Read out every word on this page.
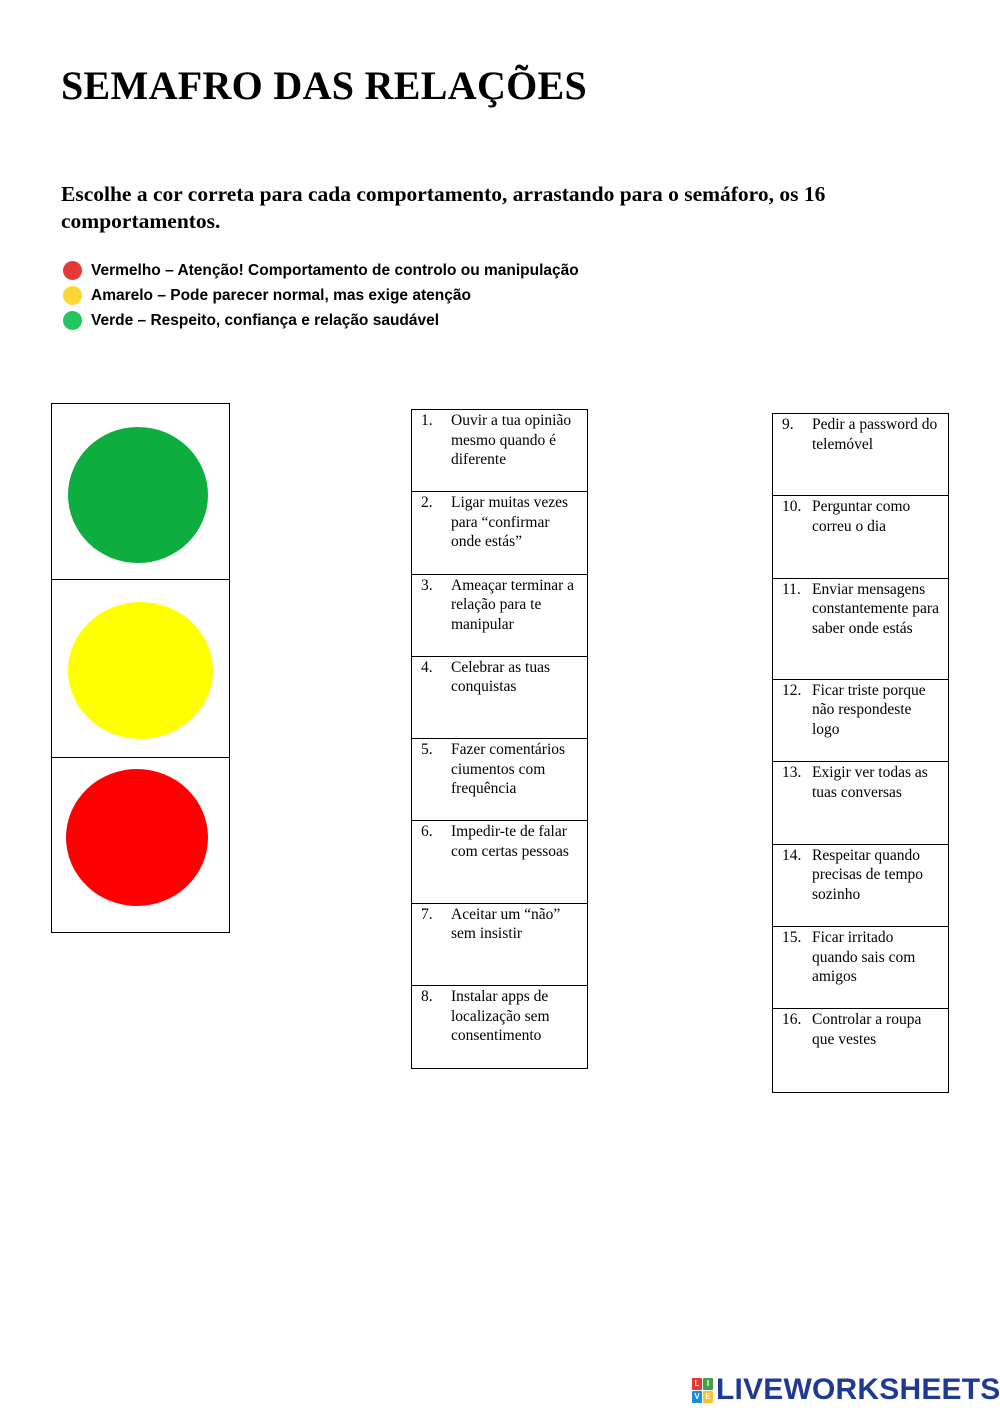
SEMAFRO DAS RELAÇÕES
Escolhe a cor correta para cada comportamento, arrastando para o semáforo, os 16 comportamentos.
Vermelho – Atenção! Comportamento de controlo ou manipulação
Amarelo – Pode parecer normal, mas exige atenção
Verde – Respeito, confiança e relação saudável
1.	Ouvir a tua opinião mesmo quando é diferente
2.	Ligar muitas vezes para “confirmar onde estás”
3.	Ameaçar terminar a relação para te manipular
4.	Celebrar as tuas conquistas
5.	Fazer comentários ciumentos com frequência
6.	Impedir-te de falar com certas pessoas
7.	Aceitar um “não” sem insistir
8.	Instalar apps de localização sem consentimento
9.	Pedir a password do telemóvel
10. Perguntar como correu o dia
11. Enviar mensagens constantemente para saber onde estás
12. Ficar triste porque não respondeste logo
13. Exigir ver todas as tuas conversas
14. Respeitar quando precisas de tempo sozinho
15. Ficar irritado quando sais com amigos
16. Controlar a roupa que vestes
L I
V E LIVEWORKSHEETS
